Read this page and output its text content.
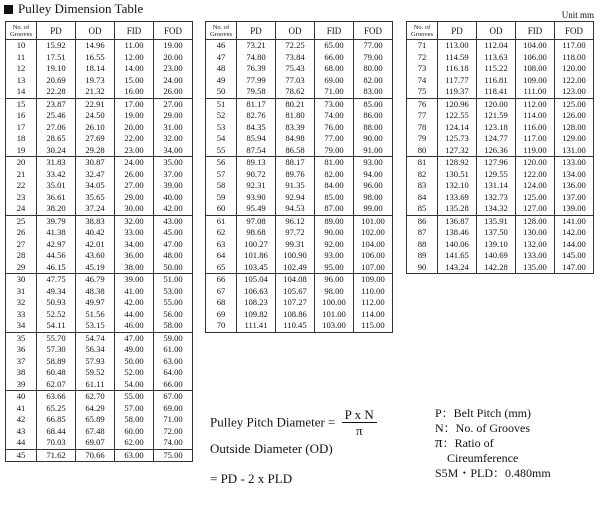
Pulley Dimension Table	Unit mm
No. of Grooves	PD	OD	FID	FOD
10	15.92	14.96	11.00	19.00
11	17.51	16.55	12.00	20.00
12	19.10	18.14	14.00	23.00
13	20.69	19.73	15.00	24.00
14	22.28	21.32	16.00	26.00
15	23.87	22.91	17.00	27.00
16	25.46	24.50	19.00	29.00
17	27.06	26.10	20.00	31.00
18	28.65	27.69	22.00	32.00
19	30.24	29.28	23.00	34.00
20	31.83	30.87	24.00	35.00
21	33.42	32.47	26.00	37.00
22	35.01	34.05	27.00	39.00
23	36.61	35.65	29.00	40.00
24	38.20	37.24	30.00	42.00
25	39.79	38.83	32.00	43.00
26	41.38	40.42	33.00	45.00
27	42.97	42.01	34.00	47.00
28	44.56	43.60	36.00	48.00
29	46.15	45.19	38.00	50.00
30	47.75	46.79	39.00	51.00
31	49.34	48.38	41.00	53.00
32	50.93	49.97	42.00	55.00
33	52.52	51.56	44.00	56.00
34	54.11	53.15	46.00	58.00
35	55.70	54.74	47.00	59.00
36	57.30	56.34	49.00	61.00
37	58.89	57.93	50.00	63.00
38	60.48	59.52	52.00	64.00
39	62.07	61.11	54.00	66.00
40	63.66	62.70	55.00	67.00
41	65.25	64.29	57.00	69.00
42	66.85	65.89	58.00	71.00
43	68.44	67.48	60.00	72.00
44	70.03	69.07	62.00	74.00
45	71.62	70.66	63.00	75.00
No. of Grooves	PD	OD	FID	FOD
46	73.21	72.25	65.00	77.00
47	74.80	73.84	66.00	79.00
48	76.39	75.43	68.00	80.00
49	77.99	77.03	69.00	82.00
50	79.58	78.62	71.00	83.00
51	81.17	80.21	73.00	85.00
52	82.76	81.80	74.00	86.00
53	84.35	83.39	76.00	88.00
54	85.94	84.98	77.00	90.00
55	87.54	86.58	79.00	91.00
56	89.13	88.17	81.00	93.00
57	90.72	89.76	82.00	94.00
58	92.31	91.35	84.00	96.00
59	93.90	92.94	85.00	98.00
60	95.49	94.53	87.00	99.00
61	97.08	96.12	89.00	101.00
62	98.68	97.72	90.00	102.00
63	100.27	99.31	92.00	104.00
64	101.86	100.90	93.00	106.00
65	103.45	102.49	95.00	107.00
66	105.04	104.08	96.00	109.00
67	106.63	105.67	98.00	110.00
68	108.23	107.27	100.00	112.00
69	109.82	108.86	101.00	114.00
70	111.41	110.45	103.00	115.00
No. of Grooves	PD	OD	FID	FOD
71	113.00	112.04	104.00	117.00
72	114.59	113.63	106.00	118.00
73	116.18	115.22	108.00	120.00
74	117.77	116.81	109.00	122.00
75	119.37	118.41	111.00	123.00
76	120.96	120.00	112.00	125.00
77	122.55	121.59	114.00	126.00
78	124.14	123.18	116.00	128.00
79	125.73	124.77	117.00	129.00
80	127.32	126.36	119.00	131.00
81	128.92	127.96	120.00	133.00
82	130.51	129.55	122.00	134.00
83	132.10	131.14	124.00	136.00
84	133.69	132.73	125.00	137.00
85	135.28	134.32	127.00	139.00
86	136.87	135.91	128.00	141.00
87	138.46	137.50	130.00	142.00
88	140.06	139.10	132.00	144.00
89	141.65	140.69	133.00	145.00
90	143.24	142.28	135.00	147.00
Pulley Pitch Diameter = $\frac{\text{P x N}}{\pi}$
Outside Diameter (OD)
= PD - 2 x PLD
P：Belt Pitch (mm)
N：No. of Grooves
π：Ratio of
Cireumference
S5M・PLD：0.480mm
